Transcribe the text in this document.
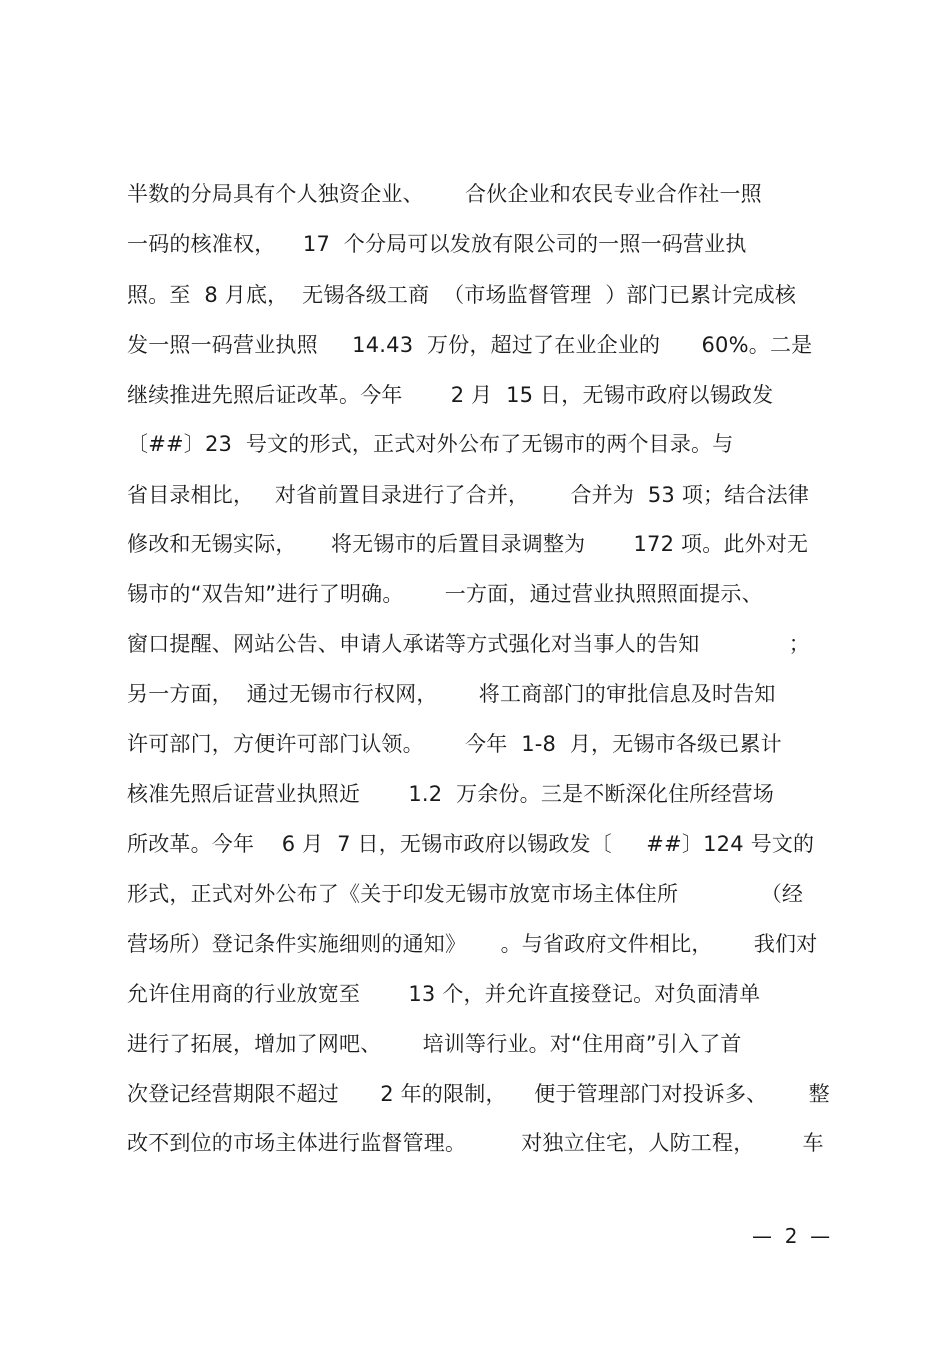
半数的分局具有个人独资企业、      合伙企业和农民专业合作社一照
一码的核准权，    17  个分局可以发放有限公司的一照一码营业执
照。至  8 月底，  无锡各级工商  （市场监督管理  ）部门已累计完成核
发一照一码营业执照     14.43  万份，超过了在业企业的      60%。二是
继续推进先照后证改革。今年       2 月  15 日，无锡市政府以锡政发
〔##〕23  号文的形式，正式对外公布了无锡市的两个目录。与
省目录相比，   对省前置目录进行了合并，      合并为  53 项；结合法律
修改和无锡实际，     将无锡市的后置目录调整为       172 项。此外对无
锡市的“双告知”进行了明确。      一方面，通过营业执照照面提示、
窗口提醒、网站公告、申请人承诺等方式强化对当事人的告知             ；
另一方面，  通过无锡市行权网，      将工商部门的审批信息及时告知
许可部门，方便许可部门认领。      今年  1-8  月，无锡市各级已累计
核准先照后证营业执照近       1.2  万余份。三是不断深化住所经营场
所改革。今年    6 月  7 日，无锡市政府以锡政发〔     ##〕124 号文的
形式，正式对外公布了《关于印发无锡市放宽市场主体住所            （经
营场所）登记条件实施细则的通知》     。与省政府文件相比，      我们对
允许住用商的行业放宽至       13 个，并允许直接登记。对负面清单
进行了拓展，增加了网吧、      培训等行业。对“住用商”引入了首
次登记经营期限不超过      2 年的限制，    便于管理部门对投诉多、      整
改不到位的市场主体进行监督管理。        对独立住宅，人防工程，       车
—  2  —
